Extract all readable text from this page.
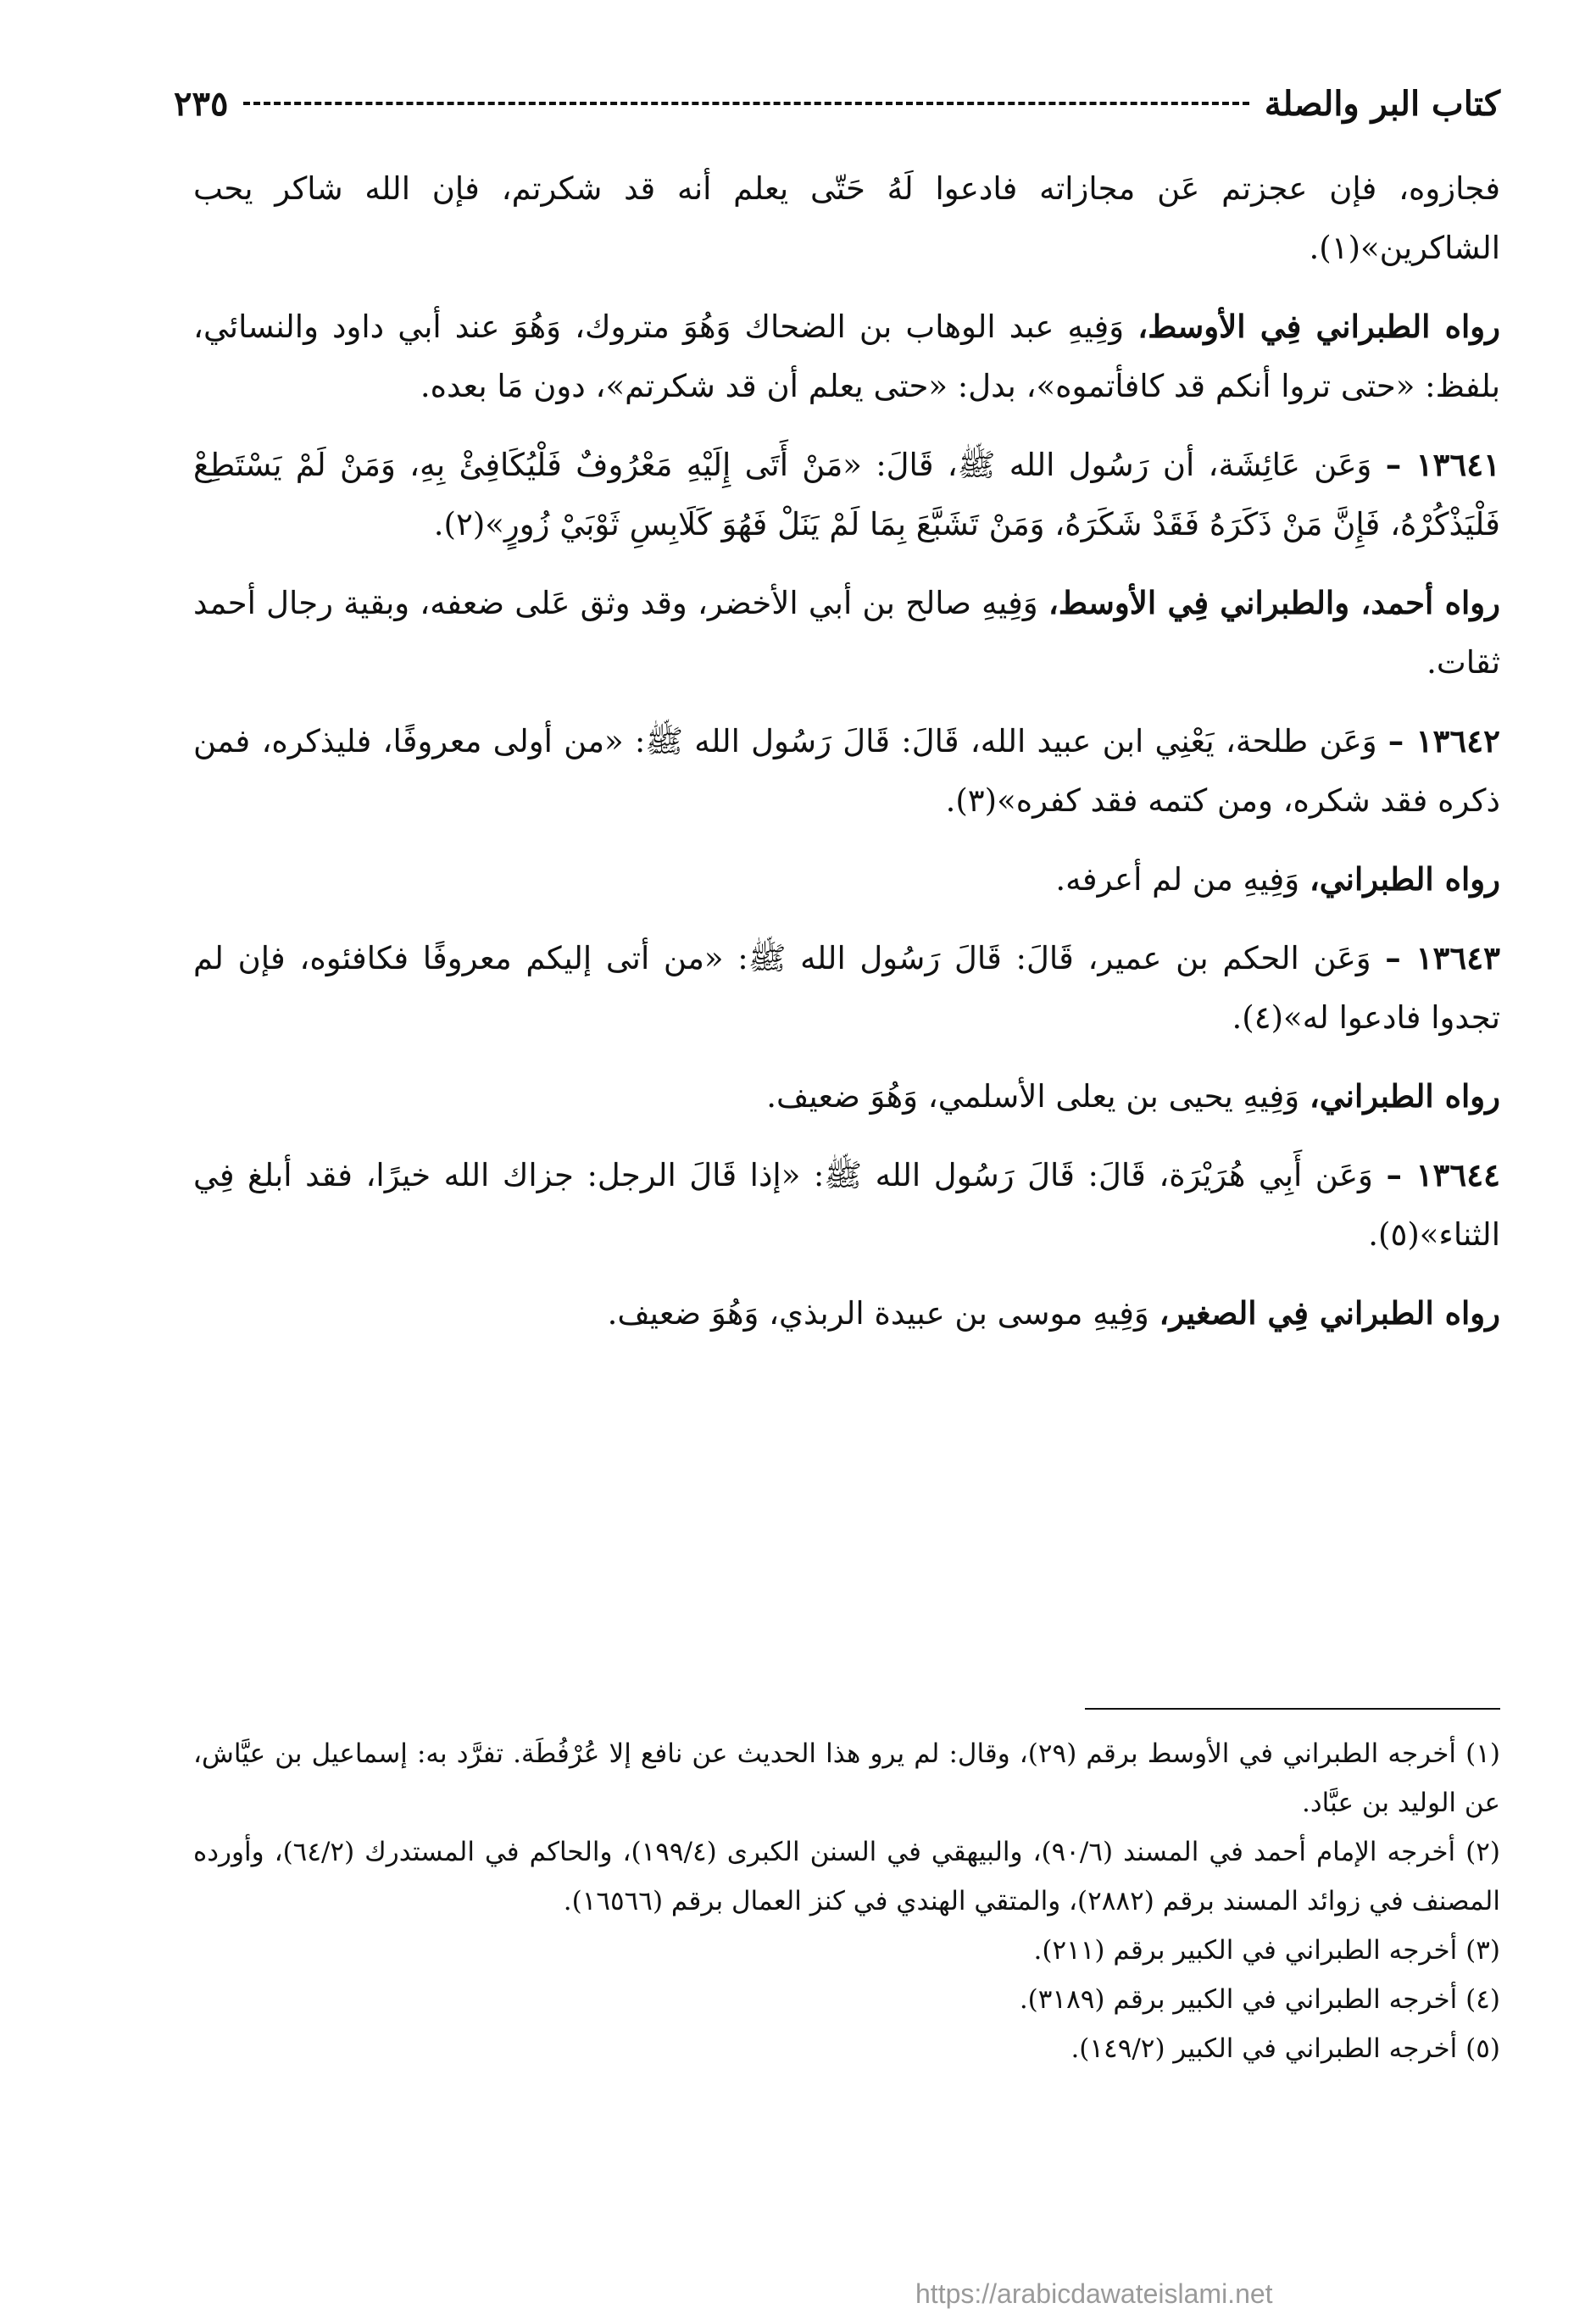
كتاب البر والصلة
٢٣٥

فجازوه، فإن عجزتم عَن مجازاته فادعوا لَهُ حَتّى يعلم أنه قد شكرتم، فإن الله شاكر يحب الشاكرين»(١).

رواه الطبراني فِي الأوسط، وَفِيهِ عبد الوهاب بن الضحاك وَهُوَ متروك، وَهُوَ عند أبي داود والنسائي، بلفظ: «حتى تروا أنكم قد كافأتموه»، بدل: «حتى يعلم أن قد شكرتم»، دون مَا بعده.

١٣٦٤١ – وَعَن عَائِشَة، أن رَسُول الله ﷺ، قَالَ: «مَنْ أَتَى إِلَيْهِ مَعْرُوفٌ فَلْيُكَافِئْ بِهِ، وَمَنْ لَمْ يَسْتَطِعْ فَلْيَذْكُرْهُ، فَإِنَّ مَنْ ذَكَرَهُ فَقَدْ شَكَرَهُ، وَمَنْ تَشَبَّعَ بِمَا لَمْ يَنَلْ فَهُوَ كَلَابِسِ ثَوْبَيْ زُورٍ»(٢).

رواه أحمد، والطبراني فِي الأوسط، وَفِيهِ صالح بن أبي الأخضر، وقد وثق عَلى ضعفه، وبقية رجال أحمد ثقات.

١٣٦٤٢ – وَعَن طلحة، يَعْنِي ابن عبيد الله، قَالَ: قَالَ رَسُول الله ﷺ: «من أولى معروفًا، فليذكره، فمن ذكره فقد شكره، ومن كتمه فقد كفره»(٣).

رواه الطبراني، وَفِيهِ من لم أعرفه.

١٣٦٤٣ – وَعَن الحكم بن عمير، قَالَ: قَالَ رَسُول الله ﷺ: «من أتى إليكم معروفًا فكافئوه، فإن لم تجدوا فادعوا له»(٤).

رواه الطبراني، وَفِيهِ يحيى بن يعلى الأسلمي، وَهُوَ ضعيف.

١٣٦٤٤ – وَعَن أَبِي هُرَيْرَة، قَالَ: قَالَ رَسُول الله ﷺ: «إذا قَالَ الرجل: جزاك الله خيرًا، فقد أبلغ فِي الثناء»(٥).

رواه الطبراني فِي الصغير، وَفِيهِ موسى بن عبيدة الربذي، وَهُوَ ضعيف.

(١) أخرجه الطبراني في الأوسط برقم (٢٩)، وقال: لم يرو هذا الحديث عن نافع إلا عُرْفُطَة. تفرَّد به: إسماعيل بن عيَّاش، عن الوليد بن عبَّاد.

(٢) أخرجه الإمام أحمد في المسند (٩٠/٦)، والبيهقي في السنن الكبرى (١٩٩/٤)، والحاكم في المستدرك (٦٤/٢)، وأورده المصنف في زوائد المسند برقم (٢٨٨٢)، والمتقي الهندي في كنز العمال برقم (١٦٥٦٦).

(٣) أخرجه الطبراني في الكبير برقم (٢١١).

(٤) أخرجه الطبراني في الكبير برقم (٣١٨٩).

(٥) أخرجه الطبراني في الكبير (١٤٩/٢).

https://arabicdawateislami.net
